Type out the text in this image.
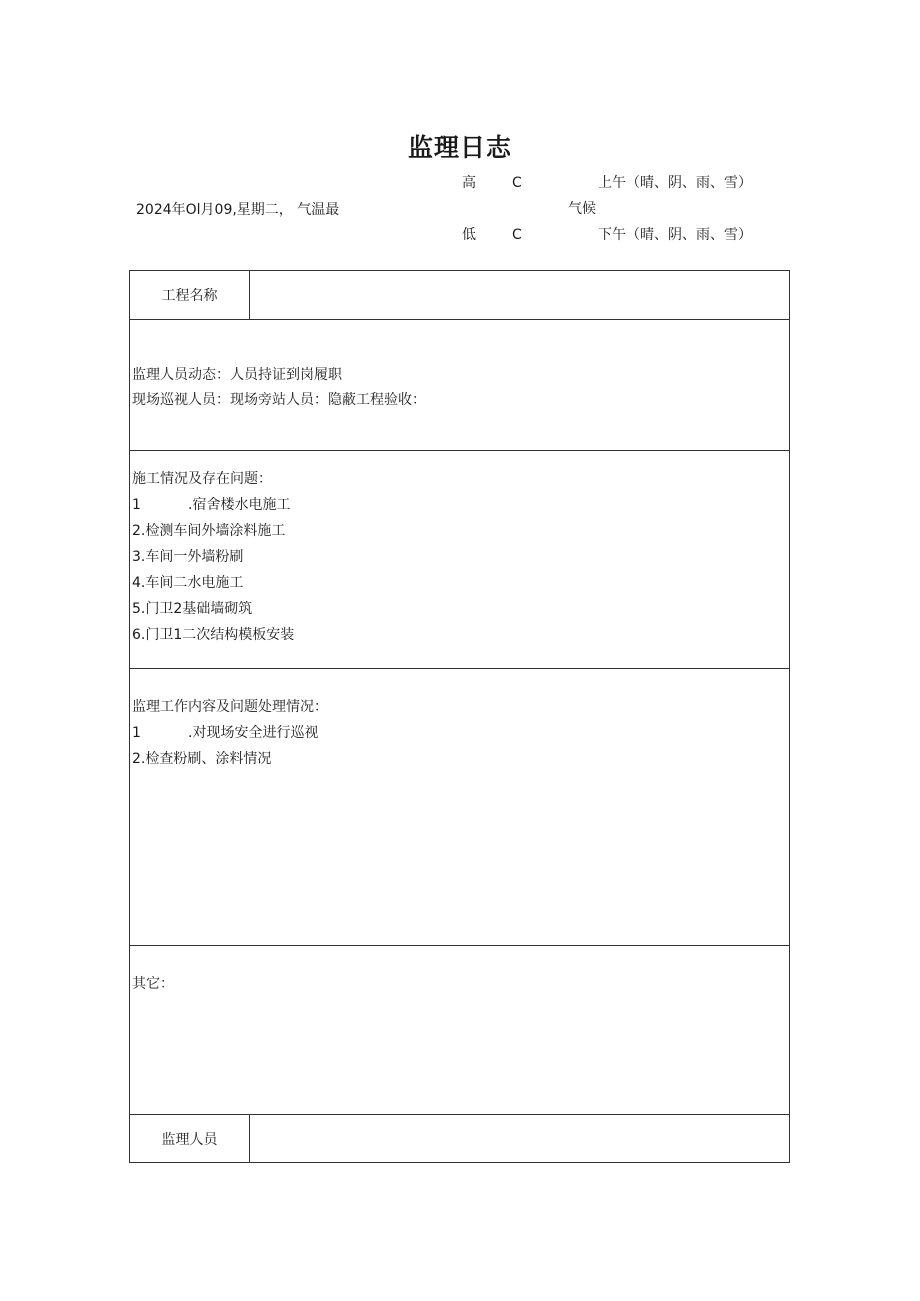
监理日志
2024年Ol月09,星期二， 气温最
高	C
低	C
气候
上午（晴、阴、雨、雪）
下午（晴、阴、雨、雪）
工程名称
监理人员动态：人员持证到岗履职
现场巡视人员：现场旁站人员：隐蔽工程验收：
施工情况及存在问题：
1	.宿舍楼水电施工
2.检测车间外墙涂料施工
3.车间一外墙粉刷
4.车间二水电施工
5.门卫2基础墙砌筑
6.门卫1二次结构模板安装
监理工作内容及问题处理情况：
1	.对现场安全进行巡视
2.检查粉刷、涂料情况
其它：
监理人员
